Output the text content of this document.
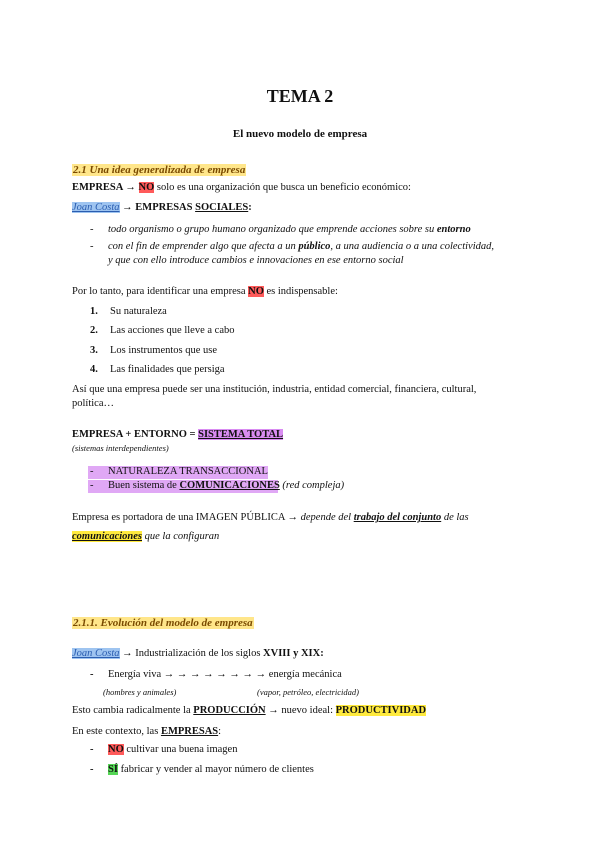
TEMA 2
El nuevo modelo de empresa
2.1 Una idea generalizada de empresa
EMPRESA → NO solo es una organización que busca un beneficio económico:
Joan Costa → EMPRESAS SOCIALES:
- todo organismo o grupo humano organizado que emprende acciones sobre su entorno
- con el fin de emprender algo que afecta a un público, a una audiencia o a una colectividad,
y que con ello introduce cambios e innovaciones en ese entorno social
Por lo tanto, para identificar una empresa NO es indispensable:
1. Su naturaleza
2. Las acciones que lleve a cabo
3. Los instrumentos que use
4. Las finalidades que persiga
Así que una empresa puede ser una institución, industria, entidad comercial, financiera, cultural,
política…
EMPRESA + ENTORNO = SISTEMA TOTAL
(sistemas interdependientes)
- NATURALEZA TRANSACCIONAL
- Buen sistema de COMUNICACIONES (red compleja)
Empresa es portadora de una IMAGEN PÚBLICA → depende del trabajo del conjunto de las
comunicaciones que la configuran
2.1.1. Evolución del modelo de empresa
Joan Costa → Industrialización de los siglos XVIII y XIX:
- Energía viva → → → → → → → → energía mecánica
(hombres y animales)	(vapor, petróleo, electricidad)
Esto cambia radicalmente la PRODUCCIÓN → nuevo ideal: PRODUCTIVIDAD
En este contexto, las EMPRESAS:
- NO cultivar una buena imagen
- SÍ fabricar y vender al mayor número de clientes
